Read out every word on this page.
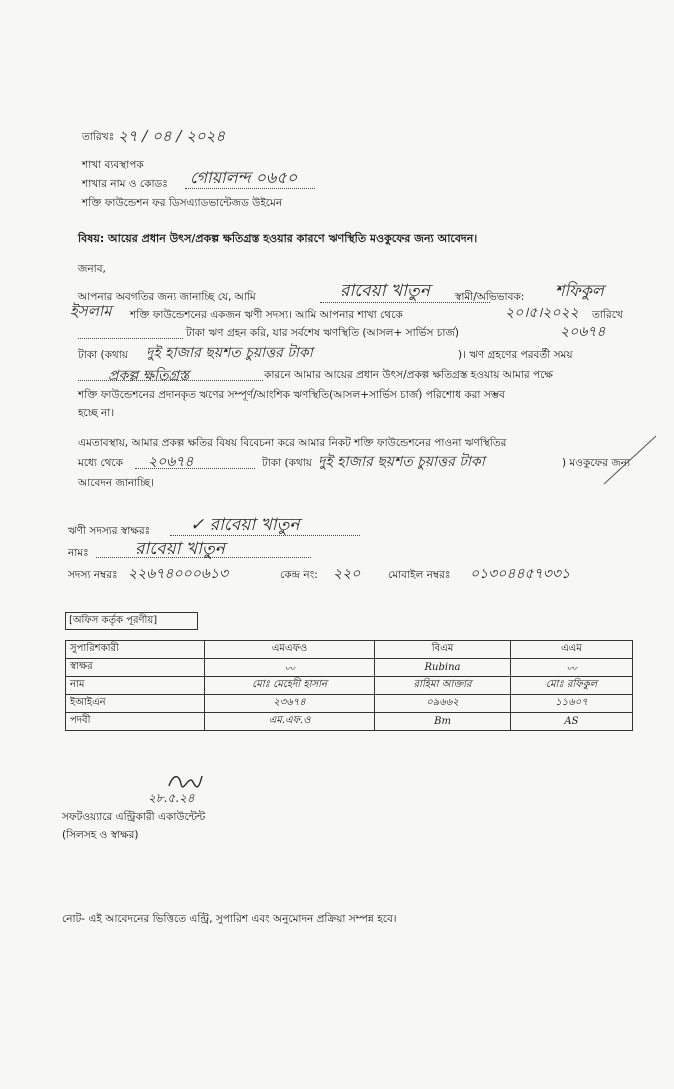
তারিখঃ ২৭ / ০৪ / ২০২৪
শাখা ব্যবস্থাপক
শাখার নাম ও কোডঃ গোয়ালন্দ ০৬৫০
শক্তি ফাউন্ডেশন ফর ডিসএ্যাডভান্টেজড উইমেন
বিষয়: আয়ের প্রধান উৎস/প্রকল্প ক্ষতিগ্রস্ত হওয়ার কারণে ঋণস্থিতি মওকুফের জন্য আবেদন।
জনাব,
আপনার অবগতির জন্য জানাচ্ছি যে, আমি	রাবেয়া খাতুন স্বামী/অভিভাবক: শফিকুল
ইসলাম শক্তি ফাউন্ডেশনের একজন ঋণী সদস্য। আমি আপনার শাখা থেকে	২০।৫।২০২২ তারিখে
টাকা ঋণ গ্রহন করি, যার সর্বশেষ ঋণস্থিতি (আসল+ সার্ভিস চার্জ)	২০৬৭৪
টাকা (কথায় দুই হাজার ছয়শত চুয়াত্তর টাকা	)। ঋণ গ্রহণের পরবর্তী সময়
প্রকল্প ক্ষতিগ্রস্ত	কারনে আমার আয়ের প্রধান উৎস/প্রকল্প ক্ষতিগ্রস্ত হওয়ায় আমার পক্ষে
শক্তি ফাউন্ডেশনের প্রদানকৃত ঋণের সম্পূর্ণ/আংশিক ঋণস্থিতি(আসল+সার্ভিস চার্জ) পরিশোধ করা সম্ভব
হচ্ছে না।
এমতাবস্থায়, আমার প্রকল্প ক্ষতির বিষয় বিবেচনা করে আমার নিকট শক্তি ফাউন্ডেশনের পাওনা ঋণস্থিতির
মধ্যে থেকে ২০৬৭৪	টাকা (কথায় দুই হাজার ছয়শত চুয়াত্তর টাকা	) মওকুফের জন্য
আবেদন জানাচ্ছি।
ঋণী সদস্যর স্বাক্ষরঃ ✓ রাবেয়া খাতুন
নামঃ	রাবেয়া খাতুন
সদস্য নম্বরঃ ২২৬৭৪০০০৬১৩	কেন্দ্র নং: ২২০	মোবাইল নম্বরঃ ০১৩০৪৪৫৭৩৩১
[অফিস কর্তৃক পূরণীয়]
সুপারিশকারী	এমএফও	বিএম	এএম
স্বাক্ষর	〰	Rubina	〰
নাম	মোঃ মেহেদী হাসান	রাহিমা আক্তার	মোঃ রফিকুল
ইআইএন	২৩৬৭৪	০৯৬৬২	১১৬০৭
পদবী	এম.এফ.ও	Bm	AS
২৮.৫.২৪
সফটওয়্যারে এন্ট্রিকারী একাউন্টেন্ট
(সিলসহ ও স্বাক্ষর)
নোট- এই আবেদনের ভিত্তিতে এন্ট্রি, সুপারিশ এবং অনুমোদন প্রক্রিয়া সম্পন্ন হবে।
